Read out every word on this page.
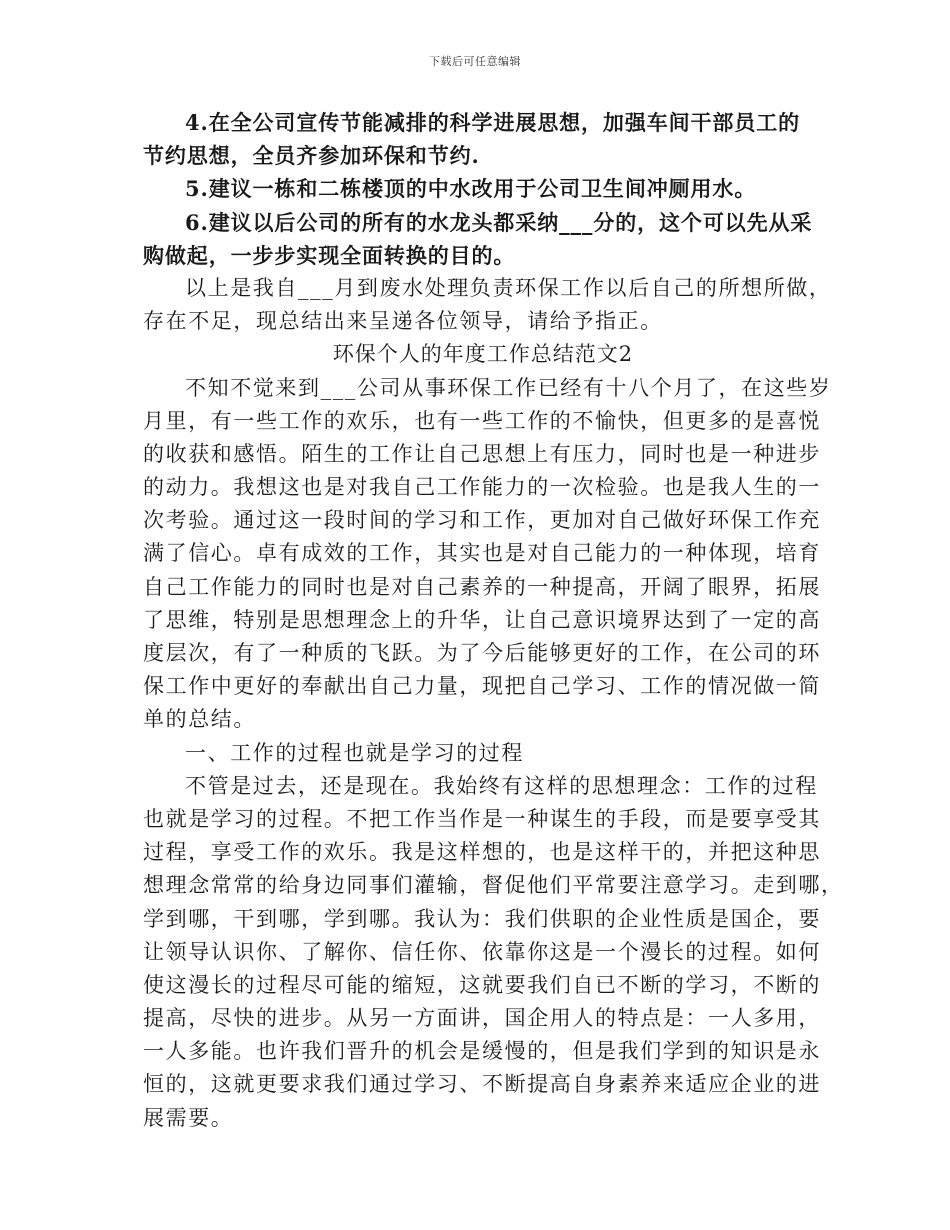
下载后可任意编辑
4.在全公司宣传节能减排的科学进展思想，加强车间干部员工的
节约思想，全员齐参加环保和节约.
5.建议一栋和二栋楼顶的中水改用于公司卫生间冲厕用水。
6.建议以后公司的所有的水龙头都采纳___分的，这个可以先从采
购做起，一步步实现全面转换的目的。
以上是我自___月到废水处理负责环保工作以后自己的所想所做，
存在不足，现总结出来呈递各位领导，请给予指正。
环保个人的年度工作总结范文2
不知不觉来到___公司从事环保工作已经有十八个月了，在这些岁
月里，有一些工作的欢乐，也有一些工作的不愉快，但更多的是喜悦
的收获和感悟。陌生的工作让自己思想上有压力，同时也是一种进步
的动力。我想这也是对我自己工作能力的一次检验。也是我人生的一
次考验。通过这一段时间的学习和工作，更加对自己做好环保工作充
满了信心。卓有成效的工作，其实也是对自己能力的一种体现，培育
自己工作能力的同时也是对自己素养的一种提高，开阔了眼界，拓展
了思维，特别是思想理念上的升华，让自己意识境界达到了一定的高
度层次，有了一种质的飞跃。为了今后能够更好的工作，在公司的环
保工作中更好的奉献出自己力量，现把自己学习、工作的情况做一简
单的总结。
一、工作的过程也就是学习的过程
不管是过去，还是现在。我始终有这样的思想理念：工作的过程
也就是学习的过程。不把工作当作是一种谋生的手段，而是要享受其
过程，享受工作的欢乐。我是这样想的，也是这样干的，并把这种思
想理念常常的给身边同事们灌输，督促他们平常要注意学习。走到哪，
学到哪，干到哪，学到哪。我认为：我们供职的企业性质是国企，要
让领导认识你、了解你、信任你、依靠你这是一个漫长的过程。如何
使这漫长的过程尽可能的缩短，这就要我们自已不断的学习，不断的
提高，尽快的进步。从另一方面讲，国企用人的特点是：一人多用，
一人多能。也许我们晋升的机会是缓慢的，但是我们学到的知识是永
恒的，这就更要求我们通过学习、不断提高自身素养来适应企业的进
展需要。
